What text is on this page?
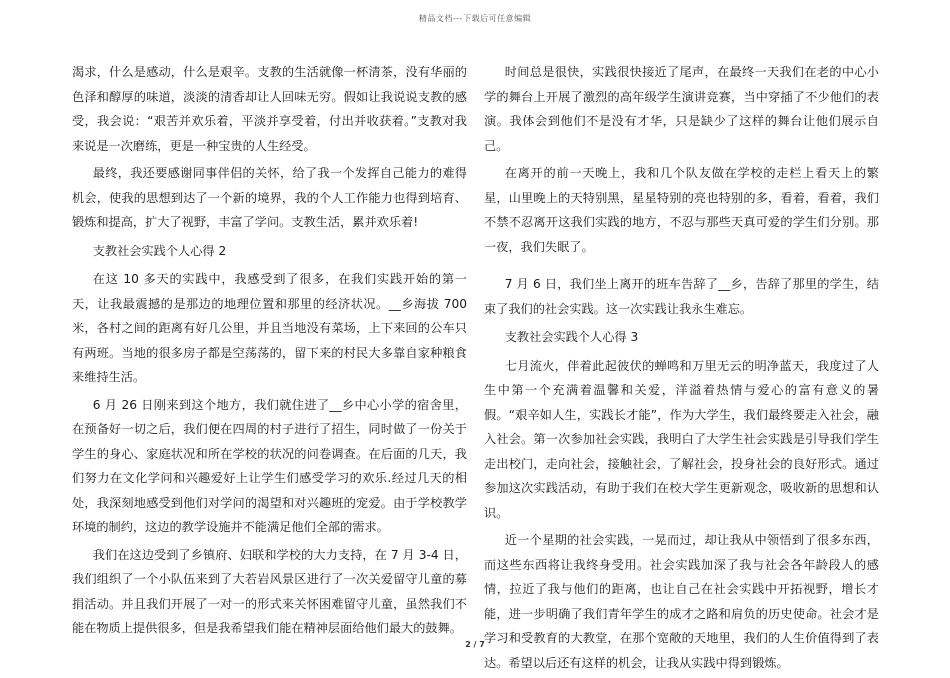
精品文档---下载后可任意编辑

渴求，什么是感动，什么是艰辛。支教的生活就像一杯清茶，没有华丽的色泽和醇厚的味道，淡淡的清香却让人回味无穷。假如让我说说支教的感受，我会说：“艰苦并欢乐着，平淡并享受着，付出并收获着。”支教对我来说是一次磨练，更是一种宝贵的人生经受。

最终，我还要感谢同事伴侣的关怀，给了我一个发挥自己能力的难得机会，使我的思想到达了一个新的境界，我的个人工作能力也得到培育、锻炼和提高，扩大了视野，丰富了学问。支教生活，累并欢乐着!

支教社会实践个人心得 2

在这 10 多天的实践中，我感受到了很多，在我们实践开始的第一天，让我最震撼的是那边的地理位置和那里的经济状况。__乡海拔 700 米，各村之间的距离有好几公里，并且当地没有菜场，上下来回的公车只有两班。当地的很多房子都是空荡荡的，留下来的村民大多靠自家种粮食来维持生活。

6 月 26 日刚来到这个地方，我们就住进了__乡中心小学的宿舍里，在预备好一切之后，我们便在四周的村子进行了招生，同时做了一份关于学生的身心、家庭状况和所在学校的状况的问卷调查。在后面的几天，我们努力在文化学问和兴趣爱好上让学生们感受学习的欢乐.经过几天的相处，我深刻地感受到他们对学问的渴望和对兴趣班的宠爱。由于学校教学环境的制约，这边的教学设施并不能满足他们全部的需求。

我们在这边受到了乡镇府、妇联和学校的大力支持，在 7 月 3-4 日，我们组织了一个小队伍来到了大若岩风景区进行了一次关爱留守儿童的募捐活动。并且我们开展了一对一的形式来关怀困难留守儿童，虽然我们不能在物质上提供很多，但是我希望我们能在精神层面给他们最大的鼓舞。

时间总是很快，实践很快接近了尾声，在最终一天我们在老的中心小学的舞台上开展了激烈的高年级学生演讲竞赛，当中穿插了不少他们的表演。我体会到他们不是没有才华，只是缺少了这样的舞台让他们展示自己。

在离开的前一天晚上，我和几个队友做在学校的走栏上看天上的繁星，山里晚上的天特别黑，星星特别的亮也特别的多，看着，看着，我们不禁不忍离开这我们实践的地方，不忍与那些天真可爱的学生们分别。那一夜，我们失眠了。

7 月 6 日，我们坐上离开的班车告辞了__乡，告辞了那里的学生，结束了我们的社会实践。这一次实践让我永生难忘。

支教社会实践个人心得 3

七月流火，伴着此起彼伏的蝉鸣和万里无云的明净蓝天，我度过了人生中第一个充满着温馨和关爱，洋溢着热情与爱心的富有意义的暑假。“艰辛如人生，实践长才能”，作为大学生，我们最终要走入社会，融入社会。第一次参加社会实践，我明白了大学生社会实践是引导我们学生走出校门，走向社会，接触社会，了解社会，投身社会的良好形式。通过参加这次实践活动，有助于我们在校大学生更新观念，吸收新的思想和认识。

近一个星期的社会实践，一晃而过，却让我从中领悟到了很多东西，而这些东西将让我终身受用。社会实践加深了我与社会各年龄段人的感情，拉近了我与他们的距离，也让自己在社会实践中开拓视野，增长才能，进一步明确了我们青年学生的成才之路和肩负的历史使命。社会才是学习和受教育的大教堂，在那个宽敞的天地里，我们的人生价值得到了表达。希望以后还有这样的机会，让我从实践中得到锻炼。

2 / 7
